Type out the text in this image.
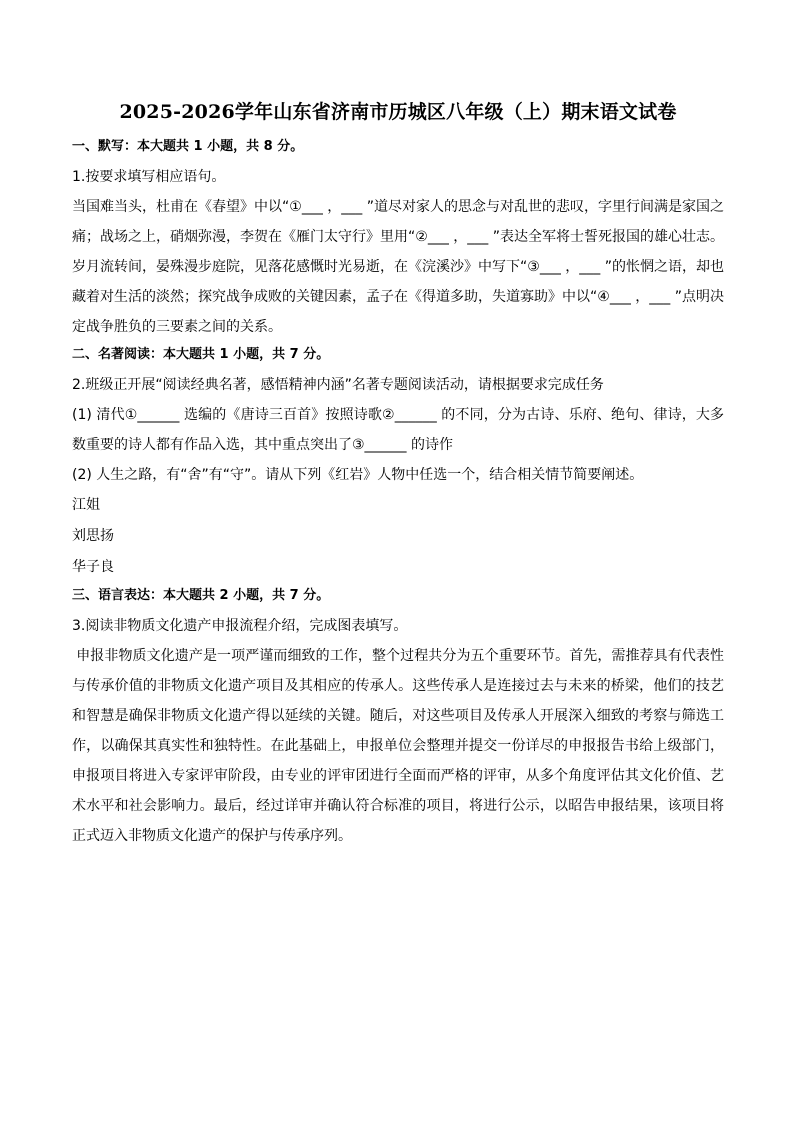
2025-2026学年山东省济南市历城区八年级（上）期末语文试卷
一、默写：本大题共 1 小题，共 8 分。

1.按要求填写相应语句。

当国难当头，杜甫在《春望》中以“①___ ，___ ”道尽对家人的思念与对乱世的悲叹，字里行间满是家国之痛；战场之上，硝烟弥漫，李贺在《雁门太守行》里用“②___ ，___ ”表达全军将士誓死报国的雄心壮志。岁月流转间，晏殊漫步庭院，见落花感慨时光易逝，在《浣溪沙》中写下“③___ ，___ ”的怅惘之语，却也藏着对生活的淡然；探究战争成败的关键因素，孟子在《得道多助，失道寡助》中以“④___ ，___ ”点明决定战争胜负的三要素之间的关系。

二、名著阅读：本大题共 1 小题，共 7 分。

2.班级正开展“阅读经典名著，感悟精神内涵”名著专题阅读活动，请根据要求完成任务

(1) 清代①______ 选编的《唐诗三百首》按照诗歌②______ 的不同，分为古诗、乐府、绝句、律诗，大多数重要的诗人都有作品入选，其中重点突出了③______ 的诗作

(2) 人生之路，有“舍”有“守”。请从下列《红岩》人物中任选一个，结合相关情节简要阐述。

江姐

刘思扬

华子良

三、语言表达：本大题共 2 小题，共 7 分。

3.阅读非物质文化遗产申报流程介绍，完成图表填写。

申报非物质文化遗产是一项严谨而细致的工作，整个过程共分为五个重要环节。首先，需推荐具有代表性与传承价值的非物质文化遗产项目及其相应的传承人。这些传承人是连接过去与未来的桥梁，他们的技艺和智慧是确保非物质文化遗产得以延续的关键。随后，对这些项目及传承人开展深入细致的考察与筛选工作，以确保其真实性和独特性。在此基础上，申报单位会整理并提交一份详尽的申报报告书给上级部门，申报项目将进入专家评审阶段，由专业的评审团进行全面而严格的评审，从多个角度评估其文化价值、艺术水平和社会影响力。最后，经过详审并确认符合标准的项目，将进行公示，以昭告申报结果，该项目将正式迈入非物质文化遗产的保护与传承序列。
